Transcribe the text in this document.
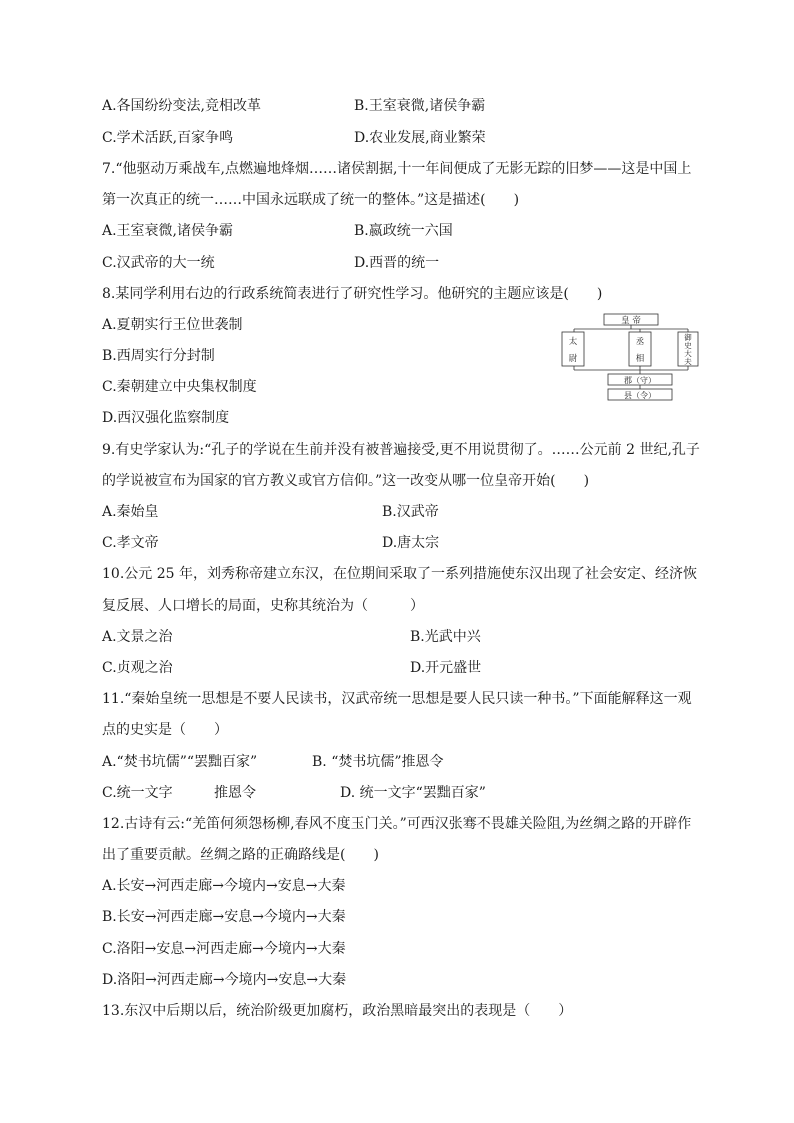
A.各国纷纷变法,竞相改革	B.王室衰微,诸侯争霸
C.学术活跃,百家争鸣	D.农业发展,商业繁荣
7.“他驱动万乘战车,点燃遍地烽烟……诸侯割据,十一年间便成了无影无踪的旧梦——这是中国上
第一次真正的统一……中国永远联成了统一的整体。”这是描述(　　)
A.王室衰微,诸侯争霸	B.嬴政统一六国
C.汉武帝的大一统	D.西晋的统一
8.某同学利用右边的行政系统简表进行了研究性学习。他研究的主题应该是(　　)
A.夏朝实行王位世袭制
B.西周实行分封制
C.秦朝建立中央集权制度
D.西汉强化监察制度
皇 帝
太
尉
丞
相
御
史
大
夫
郡（守）
县（令）
9.有史学家认为:“孔子的学说在生前并没有被普遍接受,更不用说贯彻了。……公元前 2 世纪,孔子
的学说被宣布为国家的官方教义或官方信仰。”这一改变从哪一位皇帝开始(　　)
A.秦始皇	B.汉武帝
C.孝文帝	D.唐太宗
10.公元 25 年，刘秀称帝建立东汉，在位期间采取了一系列措施使东汉出现了社会安定、经济恢
复反展、人口增长的局面，史称其统治为（　　　）
A.文景之治	B.光武中兴
C.贞观之治	D.开元盛世
11.“秦始皇统一思想是不要人民读书，汉武帝统一思想是要人民只读一种书。”下面能解释这一观
点的史实是（　　）
A.“焚书坑儒”“罢黜百家”	B. “焚书坑儒”推恩令
C.统一文字	推恩令	D. 统一文字“罢黜百家”
12.古诗有云:“羌笛何须怨杨柳,春风不度玉门关。”可西汉张骞不畏雄关险阻,为丝绸之路的开辟作
出了重要贡献。丝绸之路的正确路线是(　　)
A.长安→河西走廊→今境内→安息→大秦
B.长安→河西走廊→安息→今境内→大秦
C.洛阳→安息→河西走廊→今境内→大秦
D.洛阳→河西走廊→今境内→安息→大秦
13.东汉中后期以后，统治阶级更加腐朽，政治黑暗最突出的表现是（　　）
